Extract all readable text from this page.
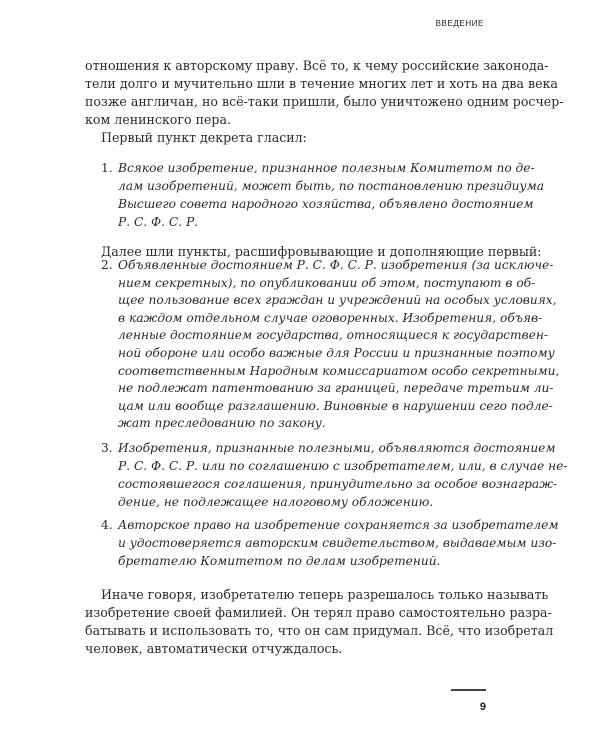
ВВЕДЕНИЕ
отношения к авторскому праву. Всё то, к чему российские законода-
тели долго и мучительно шли в течение многих лет и хоть на два века
позже англичан, но всё-таки пришли, было уничтожено одним росчер-
ком ленинского пера.
Первый пункт декрета гласил:
1. Всякое изобретение, признанное полезным Комитетом по де-
лам изобретений, может быть, по постановлению президиума
Высшего совета народного хозяйства, объявлено достоянием
Р. С. Ф. С. Р.
Далее шли пункты, расшифровывающие и дополняющие первый:
2. Объявленные достоянием Р. С. Ф. С. Р. изобретения (за исключе-
нием секретных), по опубликовании об этом, поступают в об-
щее пользование всех граждан и учреждений на особых условиях,
в каждом отдельном случае оговоренных. Изобретения, объяв-
ленные достоянием государства, относящиеся к государствен-
ной обороне или особо важные для России и признанные поэтому
соответственным Народным комиссариатом особо секретными,
не подлежат патентованию за границей, передаче третьим ли-
цам или вообще разглашению. Виновные в нарушении сего подле-
жат преследованию по закону.
3. Изобретения, признанные полезными, объявляются достоянием
Р. С. Ф. С. Р. или по соглашению с изобретателем, или, в случае не-
состоявшегося соглашения, принудительно за особое вознаграж-
дение, не подлежащее налоговому обложению.
4. Авторское право на изобретение сохраняется за изобретателем
и удостоверяется авторским свидетельством, выдаваемым изо-
бретателю Комитетом по делам изобретений.
Иначе говоря, изобретателю теперь разрешалось только называть
изобретение своей фамилией. Он терял право самостоятельно разра-
батывать и использовать то, что он сам придумал. Всё, что изобретал
человек, автоматически отчуждалось.
9
